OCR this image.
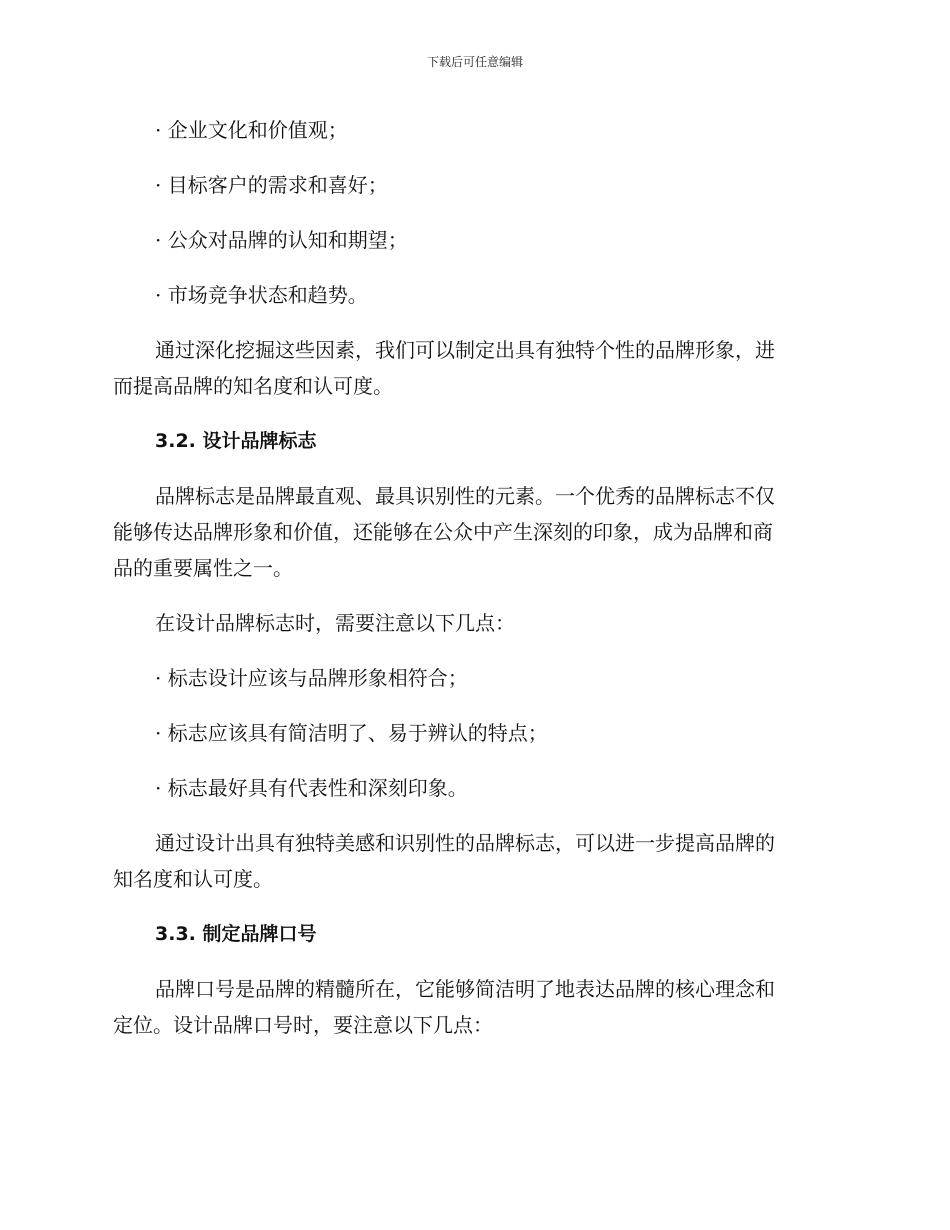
下载后可任意编辑
· 企业文化和价值观；
· 目标客户的需求和喜好；
· 公众对品牌的认知和期望；
· 市场竞争状态和趋势。
通过深化挖掘这些因素，我们可以制定出具有独特个性的品牌形象，进
而提高品牌的知名度和认可度。
3.2. 设计品牌标志
品牌标志是品牌最直观、最具识别性的元素。一个优秀的品牌标志不仅
能够传达品牌形象和价值，还能够在公众中产生深刻的印象，成为品牌和商
品的重要属性之一。
在设计品牌标志时，需要注意以下几点：
· 标志设计应该与品牌形象相符合；
· 标志应该具有简洁明了、易于辨认的特点；
· 标志最好具有代表性和深刻印象。
通过设计出具有独特美感和识别性的品牌标志，可以进一步提高品牌的
知名度和认可度。
3.3. 制定品牌口号
品牌口号是品牌的精髓所在，它能够简洁明了地表达品牌的核心理念和
定位。设计品牌口号时，要注意以下几点：
